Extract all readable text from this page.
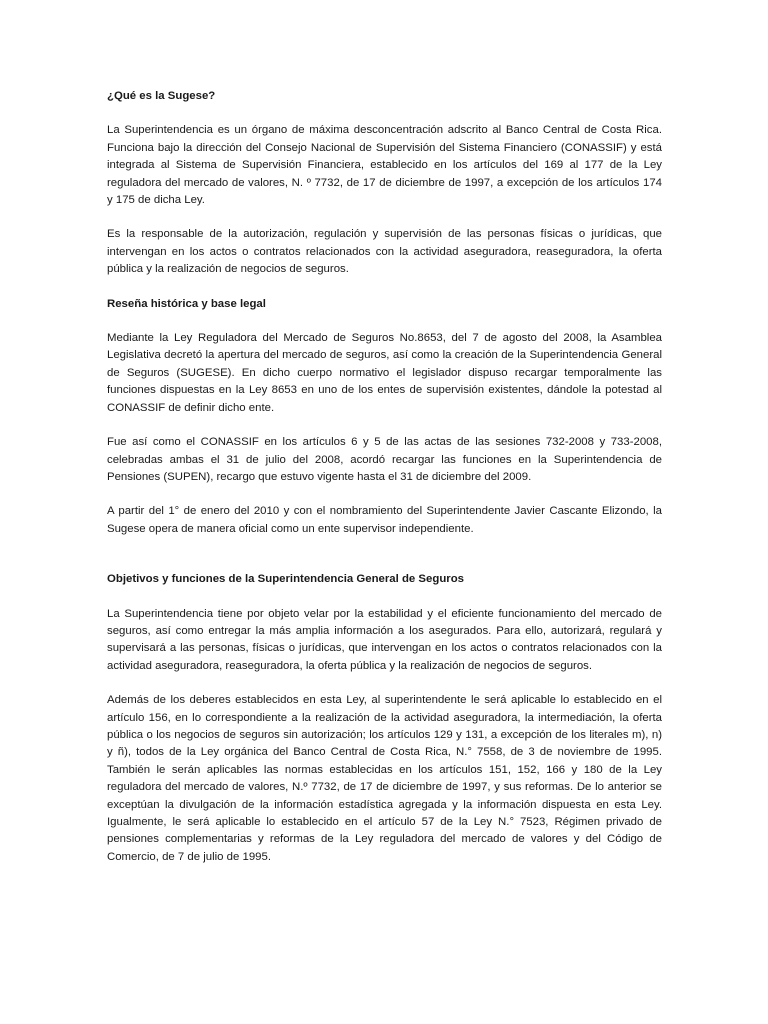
¿Qué es la Sugese?

La Superintendencia es un órgano de máxima desconcentración adscrito al Banco Central de Costa Rica. Funciona bajo la dirección del Consejo Nacional de Supervisión del Sistema Financiero (CONASSIF) y está integrada al Sistema de Supervisión Financiera, establecido en los artículos del 169 al 177 de la Ley reguladora del mercado de valores, N. º 7732, de 17 de diciembre de 1997, a excepción de los artículos 174 y 175 de dicha Ley.

Es la responsable de la autorización, regulación y supervisión de las personas físicas o jurídicas, que intervengan en los actos o contratos relacionados con la actividad aseguradora, reaseguradora, la oferta pública y la realización de negocios de seguros.

Reseña histórica y base legal

Mediante la Ley Reguladora del Mercado de Seguros No.8653, del 7 de agosto del 2008, la Asamblea Legislativa decretó la apertura del mercado de seguros, así como la creación de la Superintendencia General de Seguros (SUGESE). En dicho cuerpo normativo el legislador dispuso recargar temporalmente las funciones dispuestas en la Ley 8653 en uno de los entes de supervisión existentes, dándole la potestad al CONASSIF de definir dicho ente.

Fue así como el CONASSIF en los artículos 6 y 5 de las actas de las sesiones 732-2008 y 733-2008, celebradas ambas el 31 de julio del 2008, acordó recargar las funciones en la Superintendencia de Pensiones (SUPEN), recargo que estuvo vigente hasta el 31 de diciembre del 2009.

A partir del 1° de enero del 2010 y con el nombramiento del Superintendente Javier Cascante Elizondo, la Sugese opera de manera oficial como un ente supervisor independiente.

Objetivos y funciones de la Superintendencia General de Seguros

La Superintendencia tiene por objeto velar por la estabilidad y el eficiente funcionamiento del mercado de seguros, así como entregar la más amplia información a los asegurados. Para ello, autorizará, regulará y supervisará a las personas, físicas o jurídicas, que intervengan en los actos o contratos relacionados con la actividad aseguradora, reaseguradora, la oferta pública y la realización de negocios de seguros.

Además de los deberes establecidos en esta Ley, al superintendente le será aplicable lo establecido en el artículo 156, en lo correspondiente a la realización de la actividad aseguradora, la intermediación, la oferta pública o los negocios de seguros sin autorización; los artículos 129 y 131, a excepción de los literales m), n) y ñ), todos de la Ley orgánica del Banco Central de Costa Rica, N.° 7558, de 3 de noviembre de 1995. También le serán aplicables las normas establecidas en los artículos 151, 152, 166 y 180 de la Ley reguladora del mercado de valores, N.º 7732, de 17 de diciembre de 1997, y sus reformas. De lo anterior se exceptúan la divulgación de la información estadística agregada y la información dispuesta en esta Ley. Igualmente, le será aplicable lo establecido en el artículo 57 de la Ley N.° 7523, Régimen privado de pensiones complementarias y reformas de la Ley reguladora del mercado de valores y del Código de Comercio, de 7 de julio de 1995.
